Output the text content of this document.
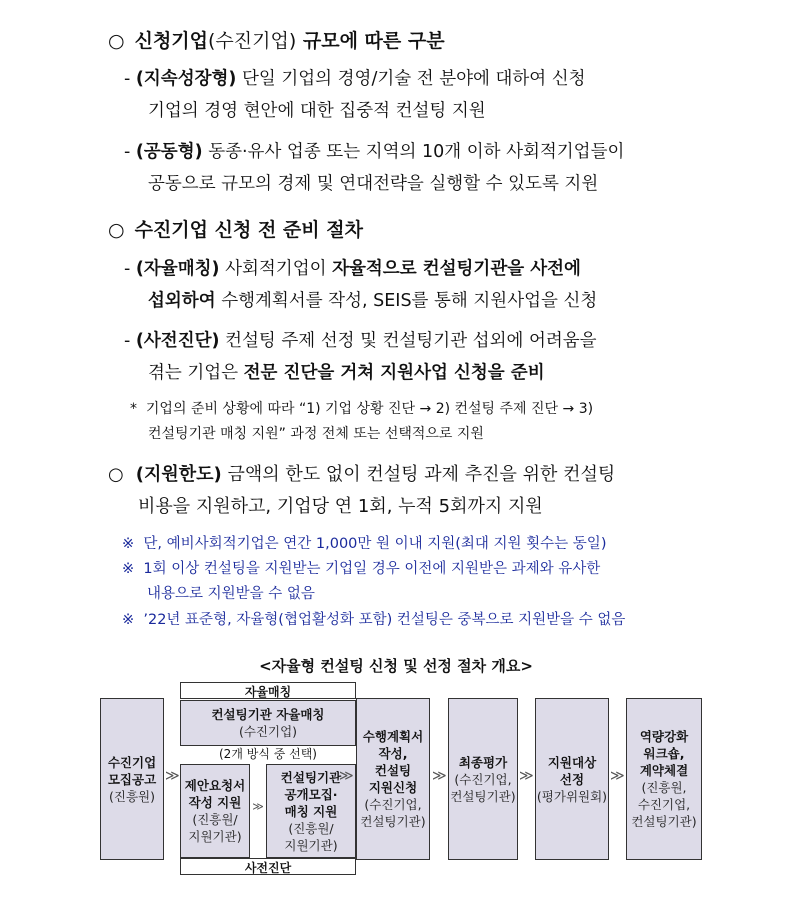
○ 신청기업(수진기업) 규모에 따른 구분
- (지속성장형) 단일 기업의 경영/기술 전 분야에 대하여 신청
기업의 경영 현안에 대한 집중적 컨설팅 지원
- (공동형) 동종·유사 업종 또는 지역의 10개 이하 사회적기업들이
공동으로 규모의 경제 및 연대전략을 실행할 수 있도록 지원
○ 수진기업 신청 전 준비 절차
- (자율매칭) 사회적기업이 자율적으로 컨설팅기관을 사전에
섭외하여 수행계획서를 작성, SEIS를 통해 지원사업을 신청
- (사전진단) 컨설팅 주제 선정 및 컨설팅기관 섭외에 어려움을
겪는 기업은 전문 진단을 거쳐 지원사업 신청을 준비
* 기업의 준비 상황에 따라 “1) 기업 상황 진단 → 2) 컨설팅 주제 진단 → 3)
컨설팅기관 매칭 지원” 과정 전체 또는 선택적으로 지원
○ (지원한도) 금액의 한도 없이 컨설팅 과제 추진을 위한 컨설팅
비용을 지원하고, 기업당 연 1회, 누적 5회까지 지원
※ 단, 예비사회적기업은 연간 1,000만 원 이내 지원(최대 지원 횟수는 동일)
※ 1회 이상 컨설팅을 지원받는 기업일 경우 이전에 지원받은 과제와 유사한
내용으로 지원받을 수 없음
※ ’22년 표준형, 자율형(협업활성화 포함) 컨설팅은 중복으로 지원받을 수 없음
<자율형 컨설팅 신청 및 선정 절차 개요>
자율매칭
사전진단
(2개 방식 중 선택)
수진기업
모집공고
(진흥원)
≫
컨설팅기관 자율매칭
(수진기업)
제안요청서
작성 지원
(진흥원/
지원기관)
≫
컨설팅기관
공개모집·
매칭 지원
(진흥원/
지원기관)
≫
수행계획서
작성,
컨설팅
지원신청
(수진기업,
컨설팅기관)
≫
최종평가
(수진기업,
컨설팅기관)
≫
지원대상
선정
(평가위원회)
≫
역량강화
워크숍,
계약체결
(진흥원,
수진기업,
컨설팅기관)
